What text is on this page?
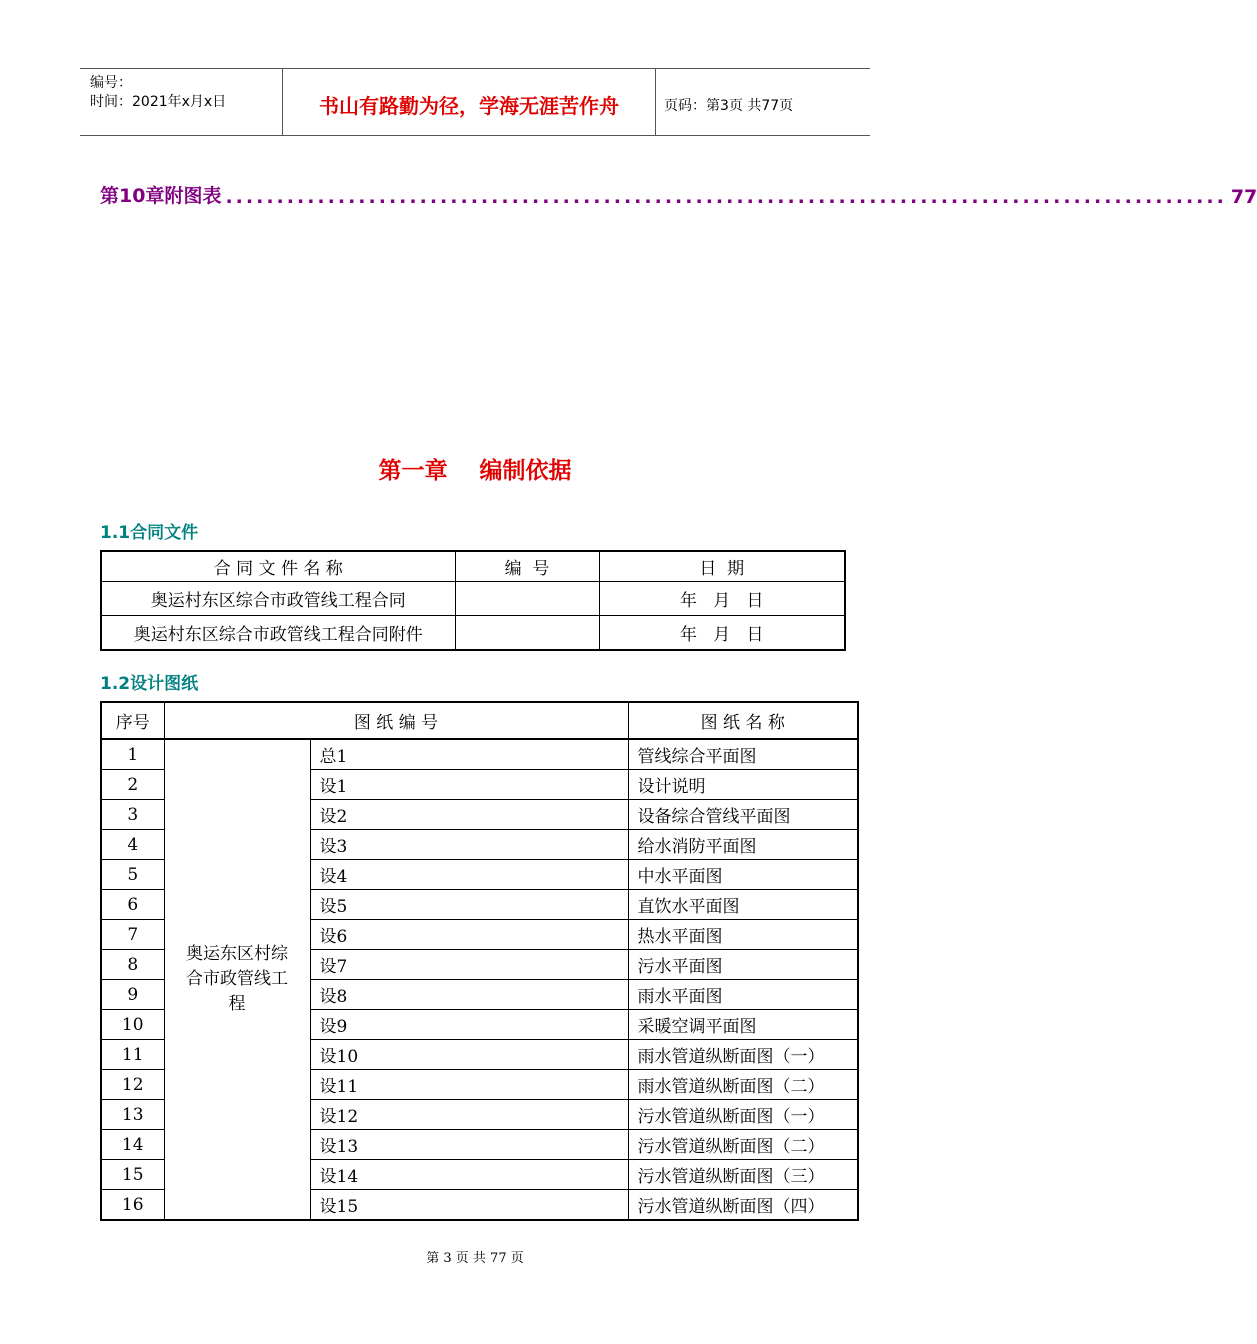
编号：
时间：2021年x月x日	书山有路勤为径，学海无涯苦作舟	页码：第3页 共77页
第10章 附图表 .................................................................................................. 77
第一章    编制依据
1.1合同文件
合 同 文 件 名 称	编  号	日  期
奥运村东区综合市政管线工程合同		年   月   日
奥运村东区综合市政管线工程合同附件		年   月   日
1.2设计图纸
序号	图 纸 编 号		图 纸 名 称
1	奥运东区村综合市政管线工程	总1	管线综合平面图
2		设1	设计说明
3		设2	设备综合管线平面图
4		设3	给水消防平面图
5		设4	中水平面图
6		设5	直饮水平面图
7		设6	热水平面图
8		设7	污水平面图
9		设8	雨水平面图
10		设9	采暖空调平面图
11		设10	雨水管道纵断面图（一）
12		设11	雨水管道纵断面图（二）
13		设12	污水管道纵断面图（一）
14		设13	污水管道纵断面图（二）
15		设14	污水管道纵断面图（三）
16		设15	污水管道纵断面图（四）
第 3 页 共 77 页
